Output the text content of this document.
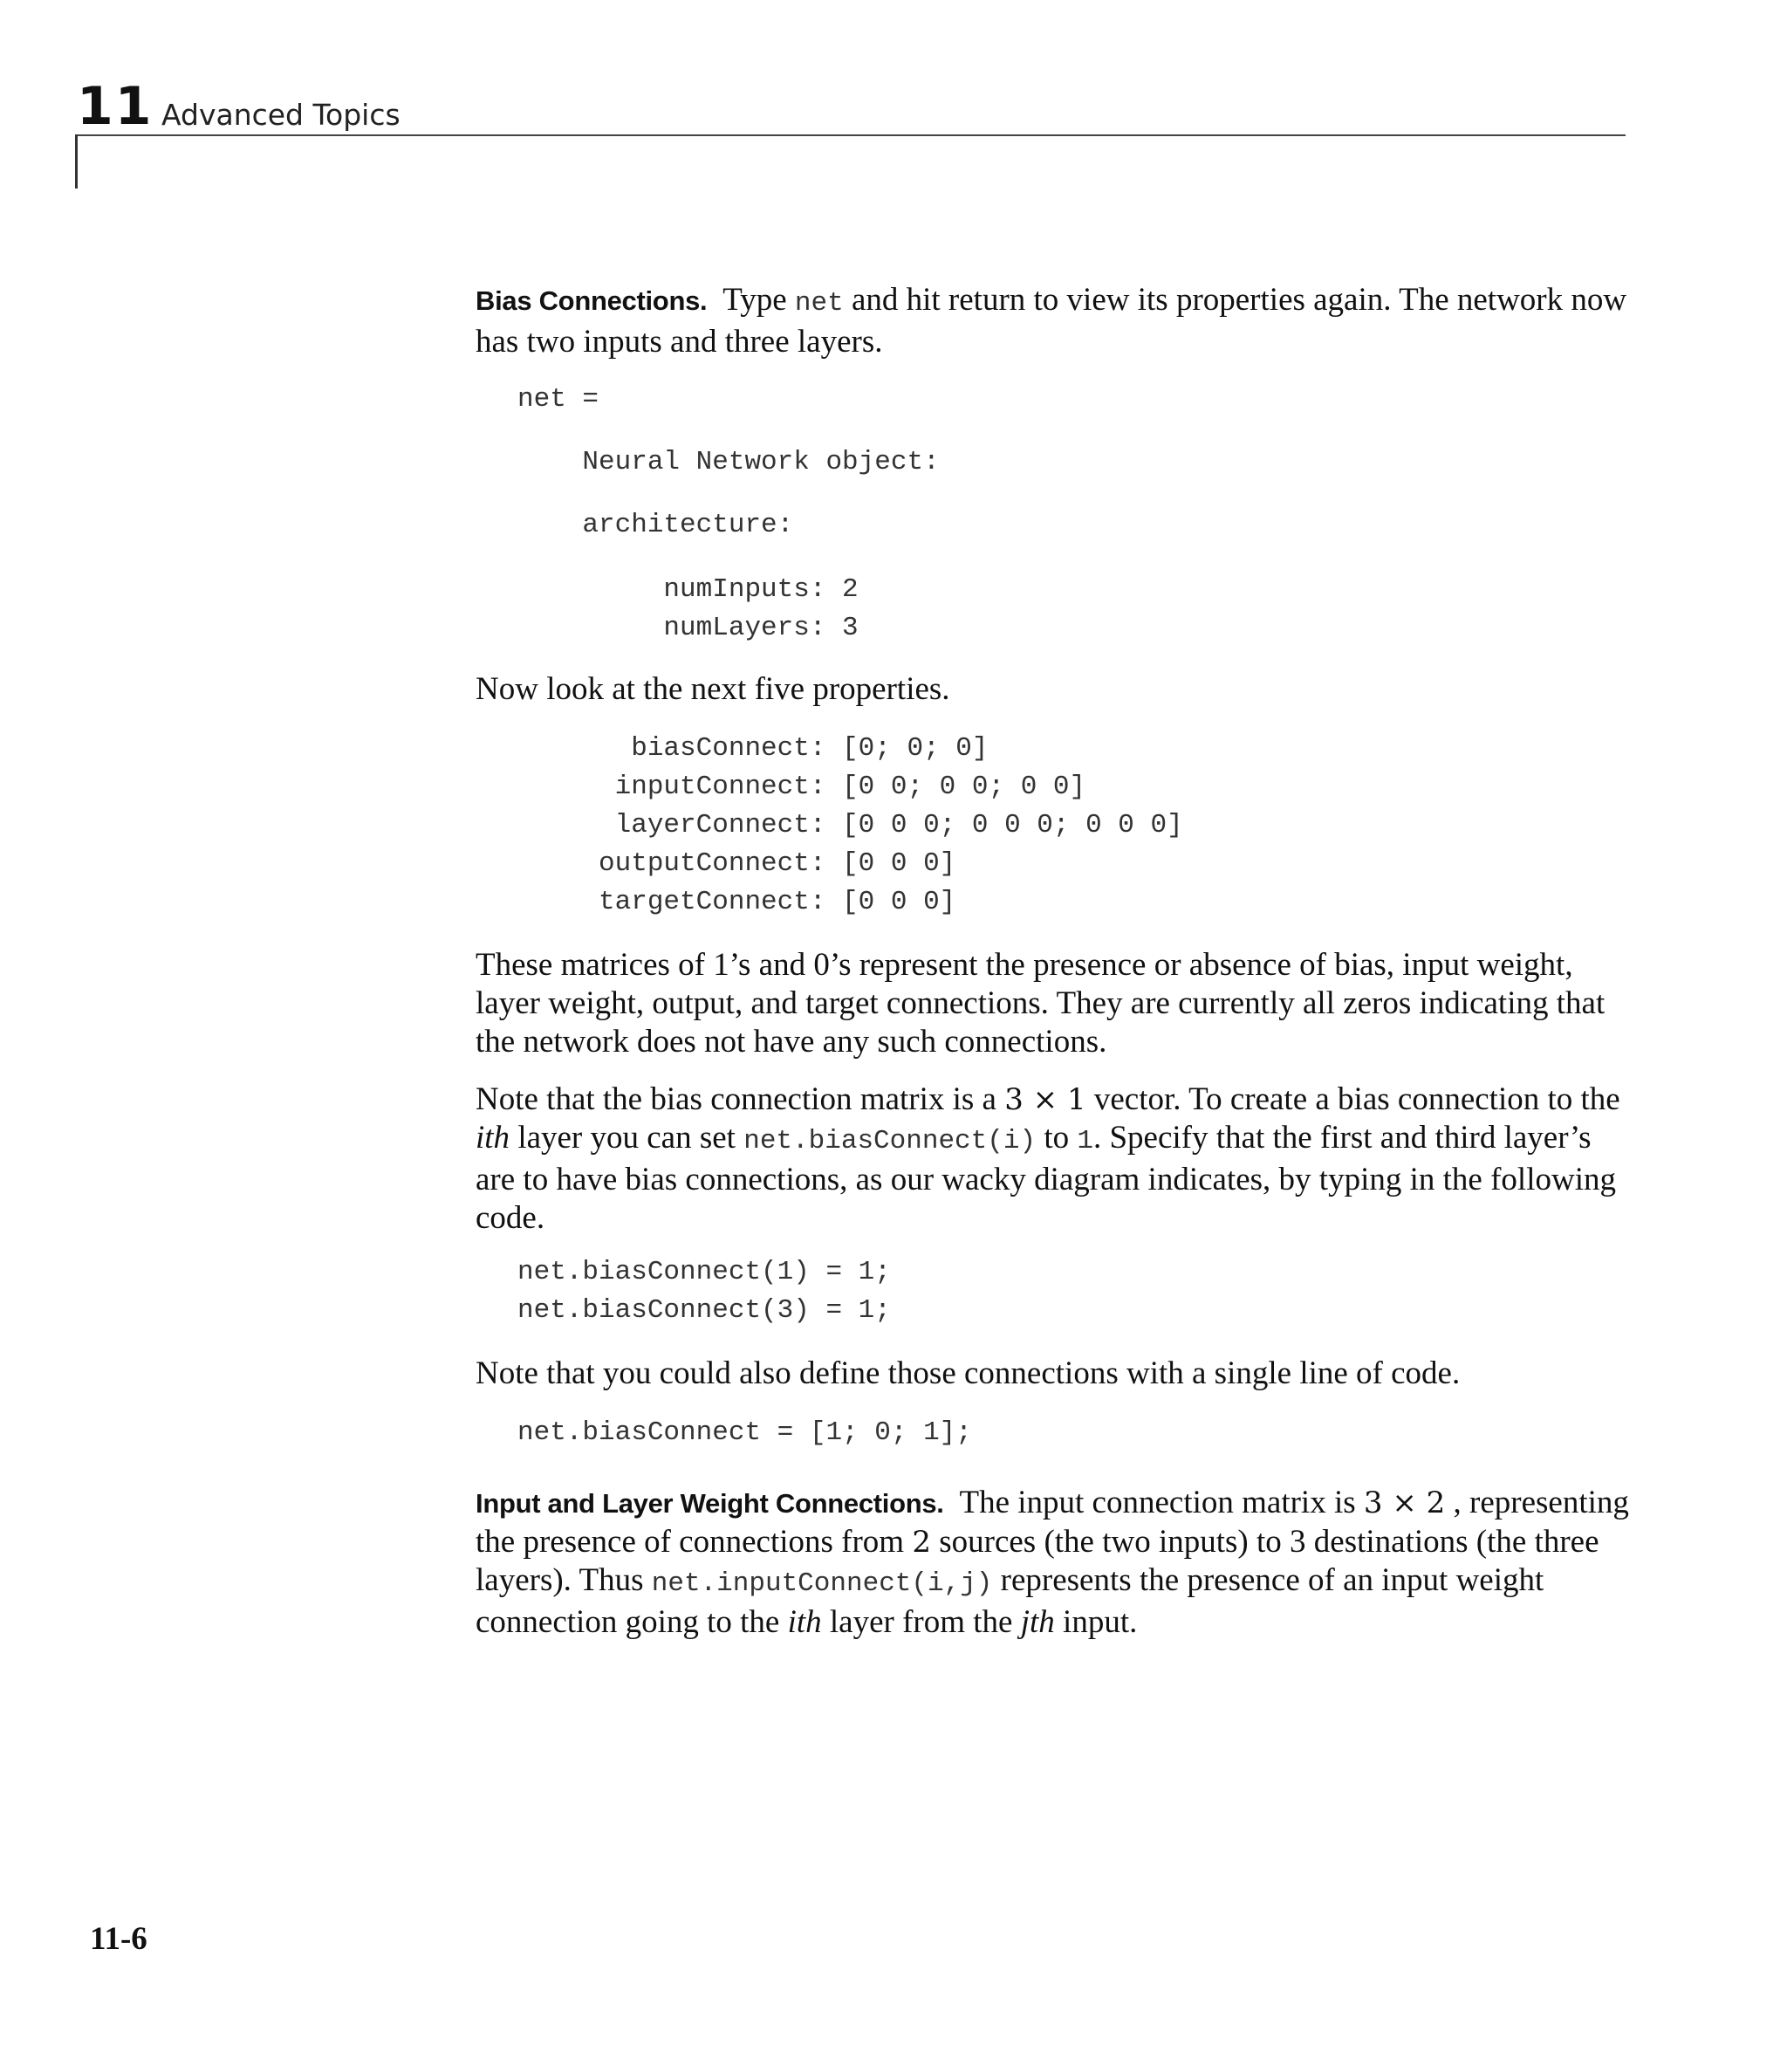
11 Advanced Topics

Bias Connections. Type net and hit return to view its properties again. The network now has two inputs and three layers.

net =
Neural Network object:
architecture:
numInputs: 2
numLayers: 3

Now look at the next five properties.

biasConnect: [0; 0; 0]
inputConnect: [0 0; 0 0; 0 0]
layerConnect: [0 0 0; 0 0 0; 0 0 0]
outputConnect: [0 0 0]
targetConnect: [0 0 0]

These matrices of 1’s and 0’s represent the presence or absence of bias, input weight, layer weight, output, and target connections. They are currently all zeros indicating that the network does not have any such connections.

Note that the bias connection matrix is a 3 × 1 vector. To create a bias connection to the ith layer you can set net.biasConnect(i) to 1. Specify that the first and third layer’s are to have bias connections, as our wacky diagram indicates, by typing in the following code.

net.biasConnect(1) = 1;
net.biasConnect(3) = 1;

Note that you could also define those connections with a single line of code.

net.biasConnect = [1; 0; 1];

Input and Layer Weight Connections. The input connection matrix is 3 × 2 , representing the presence of connections from 2 sources (the two inputs) to 3 destinations (the three layers). Thus net.inputConnect(i,j) represents the presence of an input weight connection going to the ith layer from the jth input.

11-6
